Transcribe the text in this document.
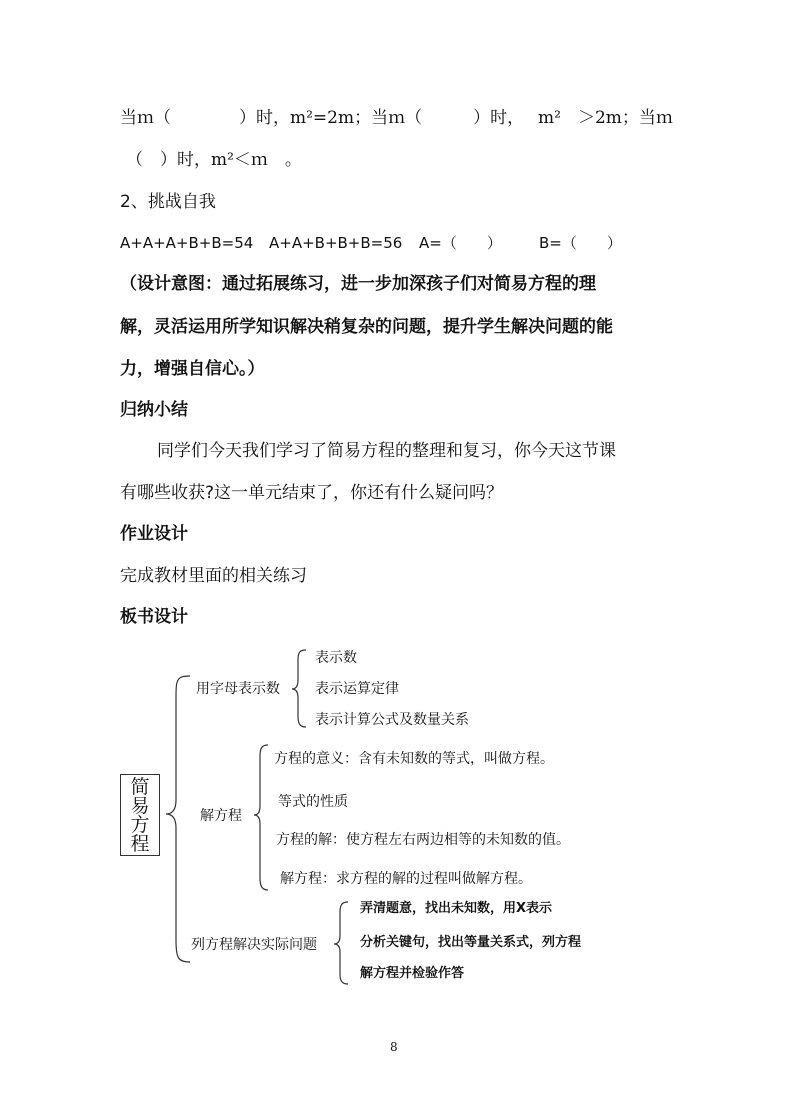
当ｍ（　　　　）时，m²=2m；当ｍ（　　　）时，　 m²　＞2m；当ｍ
（　）时，m²＜ｍ　。
2、挑战自我
A+A+A+B+B=54 A+A+B+B+B=56 A=（　　） B=（　　）
（设计意图：通过拓展练习，进一步加深孩子们对简易方程的理
解，灵活运用所学知识解决稍复杂的问题，提升学生解决问题的能
力，增强自信心。）
归纳小结
同学们今天我们学习了简易方程的整理和复习，你今天这节课
有哪些收获?这一单元结束了，你还有什么疑问吗？
作业设计
完成教材里面的相关练习
板书设计
简
易
方
程
用字母表示数
表示数
表示运算定律
表示计算公式及数量关系
解方程
方程的意义：含有未知数的等式，叫做方程。
等式的性质
方程的解：使方程左右两边相等的未知数的值。
解方程：求方程的解的过程叫做解方程。
列方程解决实际问题
弄清题意，找出未知数，用X表示
分析关键句，找出等量关系式，列方程
解方程并检验作答
8
